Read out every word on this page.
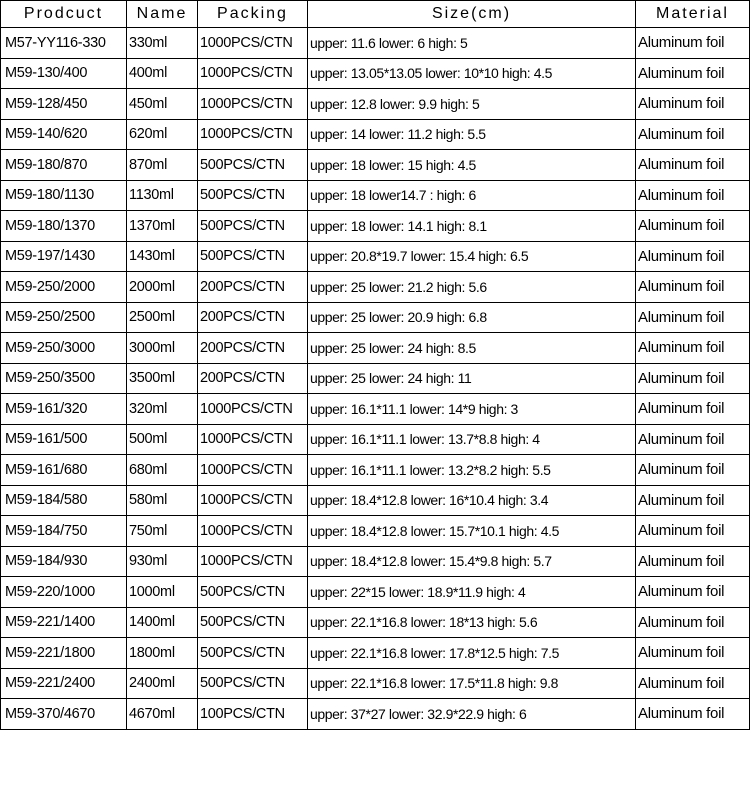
Prodcuct	Name	Packing	Size(cm)	Material
M57-YY116-330	330ml	1000PCS/CTN	upper: 11.6 lower: 6 high: 5	Aluminum foil
M59-130/400	400ml	1000PCS/CTN	upper: 13.05*13.05 lower: 10*10 high: 4.5	Aluminum foil
M59-128/450	450ml	1000PCS/CTN	upper: 12.8 lower: 9.9 high: 5	Aluminum foil
M59-140/620	620ml	1000PCS/CTN	upper: 14 lower: 11.2 high: 5.5	Aluminum foil
M59-180/870	870ml	500PCS/CTN	upper: 18 lower: 15 high: 4.5	Aluminum foil
M59-180/1130	1130ml	500PCS/CTN	upper: 18 lower14.7 : high: 6	Aluminum foil
M59-180/1370	1370ml	500PCS/CTN	upper: 18 lower: 14.1 high: 8.1	Aluminum foil
M59-197/1430	1430ml	500PCS/CTN	upper: 20.8*19.7 lower: 15.4 high: 6.5	Aluminum foil
M59-250/2000	2000ml	200PCS/CTN	upper: 25 lower: 21.2 high: 5.6	Aluminum foil
M59-250/2500	2500ml	200PCS/CTN	upper: 25 lower: 20.9 high: 6.8	Aluminum foil
M59-250/3000	3000ml	200PCS/CTN	upper: 25 lower: 24 high: 8.5	Aluminum foil
M59-250/3500	3500ml	200PCS/CTN	upper: 25 lower: 24 high: 11	Aluminum foil
M59-161/320	320ml	1000PCS/CTN	upper: 16.1*11.1 lower: 14*9 high: 3	Aluminum foil
M59-161/500	500ml	1000PCS/CTN	upper: 16.1*11.1 lower: 13.7*8.8 high: 4	Aluminum foil
M59-161/680	680ml	1000PCS/CTN	upper: 16.1*11.1 lower: 13.2*8.2 high: 5.5	Aluminum foil
M59-184/580	580ml	1000PCS/CTN	upper: 18.4*12.8 lower: 16*10.4 high: 3.4	Aluminum foil
M59-184/750	750ml	1000PCS/CTN	upper: 18.4*12.8 lower: 15.7*10.1 high: 4.5	Aluminum foil
M59-184/930	930ml	1000PCS/CTN	upper: 18.4*12.8 lower: 15.4*9.8 high: 5.7	Aluminum foil
M59-220/1000	1000ml	500PCS/CTN	upper: 22*15 lower: 18.9*11.9 high: 4	Aluminum foil
M59-221/1400	1400ml	500PCS/CTN	upper: 22.1*16.8 lower: 18*13 high: 5.6	Aluminum foil
M59-221/1800	1800ml	500PCS/CTN	upper: 22.1*16.8 lower: 17.8*12.5 high: 7.5	Aluminum foil
M59-221/2400	2400ml	500PCS/CTN	upper: 22.1*16.8 lower: 17.5*11.8 high: 9.8	Aluminum foil
M59-370/4670	4670ml	100PCS/CTN	upper: 37*27 lower: 32.9*22.9 high: 6	Aluminum foil
